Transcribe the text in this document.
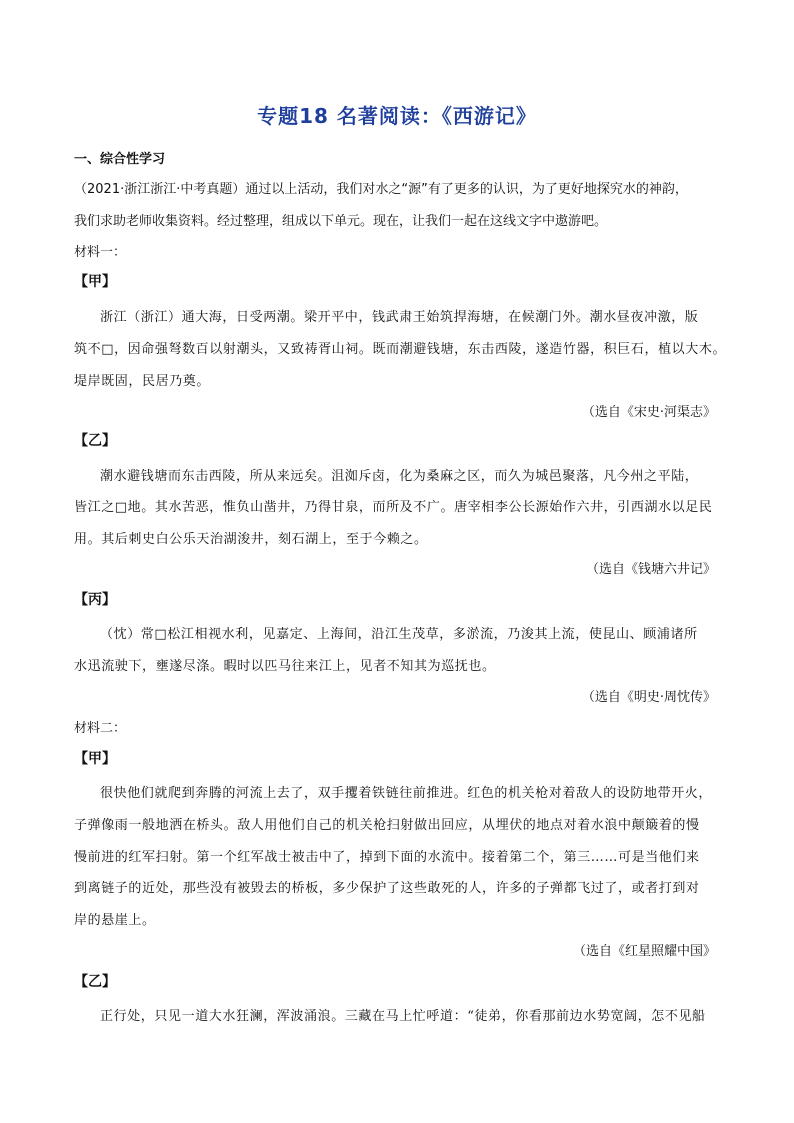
专题18 名著阅读：《西游记》
一、综合性学习
（2021·浙江浙江·中考真题）通过以上活动，我们对水之“源”有了更多的认识，为了更好地探究水的神韵，
我们求助老师收集资料。经过整理，组成以下单元。现在，让我们一起在这线文字中遨游吧。
材料一：
【甲】
浙江（浙江）通大海，日受两潮。梁开平中，钱武肃王始筑捍海塘，在候潮门外。潮水昼夜冲激，版
筑不□，因命强弩数百以射潮头，又致祷胥山祠。既而潮避钱塘，东击西陵，遂造竹器，积巨石，植以大木。
堤岸既固，民居乃奠。
（选自《宋史·河渠志》
【乙】
潮水避钱塘而东击西陵，所从来远矣。沮洳斥卤，化为桑麻之区，而久为城邑聚落，凡今州之平陆，
皆江之□地。其水苦恶，惟负山凿井，乃得甘泉，而所及不广。唐宰相李公长源始作六井，引西湖水以足民
用。其后刺史白公乐天治湖浚井，刻石湖上，至于今赖之。
（选自《钱塘六井记》
【丙】
（忱）常□松江相视水利，见嘉定、上海间，沿江生茂草，多淤流，乃浚其上流，使昆山、顾浦诸所
水迅流驶下，壅遂尽涤。暇时以匹马往来江上，见者不知其为巡抚也。
（选自《明史·周忱传》
材料二：
【甲】
很快他们就爬到奔腾的河流上去了，双手攫着铁链往前推进。红色的机关枪对着敌人的设防地带开火，
子弹像雨一般地洒在桥头。敌人用他们自己的机关枪扫射做出回应，从埋伏的地点对着水浪中颠簸着的慢
慢前进的红军扫射。第一个红军战士被击中了，掉到下面的水流中。接着第二个，第三……可是当他们来
到离链子的近处，那些没有被毁去的桥板，多少保护了这些敢死的人，许多的子弹都飞过了，或者打到对
岸的悬崖上。
（选自《红星照耀中国》
【乙】
正行处，只见一道大水狂澜，浑波涌浪。三藏在马上忙呼道：“徒弟，你看那前边水势宽阔，怎不见船
